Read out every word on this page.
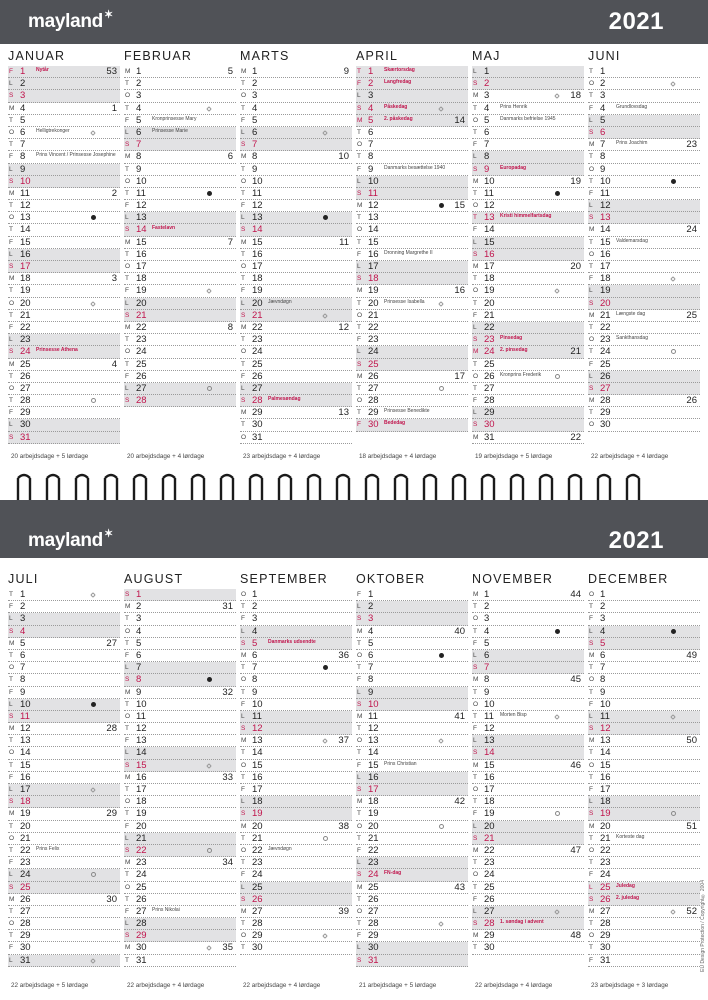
mayland✶	2021
JANUAR
F 1	Nytår	53
L 2
S 3
M 4	1
T 5
O 6	Helligtrekonger
T 7
F 8	Prins Vincent / Prinsesse Josephine
L 9
S 10
M 11	2
T 12
O 13
T 14
F 15
L 16
S 17
M 18	3
T 19
O 20
T 21
F 22
L 23
S 24	Prinsesse Athena
M 25	4
T 26
O 27
T 28
F 29
L 30
S 31
20 arbejdsdage + 5 lørdage
FEBRUAR
M 1	5
T 2
O 3
T 4
F 5	Kronprinsesse Mary
L 6	Prinsesse Marie
S 7
M 8	6
T 9
O 10
T 11
F 12
L 13
S 14	Fastelavn
M 15	7
T 16
O 17
T 18
F 19
L 20
S 21
M 22	8
T 23
O 24
T 25
F 26
L 27
S 28
20 arbejdsdage + 4 lørdage
MARTS
M 1	9
T 2
O 3
T 4
F 5
L 6
S 7
M 8	10
T 9
O 10
T 11
F 12
L 13
S 14
M 15	11
T 16
O 17
T 18
F 19
L 20	Jævndøgn
S 21
M 22	12
T 23
O 24
T 25
F 26
L 27
S 28	Palmesøndag
M 29	13
T 30
O 31
23 arbejdsdage + 4 lørdage
APRIL
T 1	Skærtorsdag
F 2	Langfredag
L 3
S 4	Påskedag
M 5	2. påskedag	14
T 6
O 7
T 8
F 9	Danmarks besættelse 1940
L 10
S 11
M 12	15
T 13
O 14
T 15
F 16	Dronning Margrethe II
L 17
S 18
M 19	16
T 20	Prinsesse Isabella
O 21
T 22
F 23
L 24
S 25
M 26	17
T 27
O 28
T 29	Prinsesse Benedikte
F 30	Bededag
18 arbejdsdage + 4 lørdage
MAJ
L 1
S 2
M 3	18
T 4	Prins Henrik
O 5	Danmarks befrielse 1945
T 6
F 7
L 8
S 9	Europadag
M 10	19
T 11
O 12
T 13	Kristi himmelfartsdag
F 14
L 15
S 16
M 17	20
T 18
O 19
T 20
F 21
L 22
S 23	Pinsedag
M 24	2. pinsedag	21
T 25
O 26	Kronprins Frederik
T 27
F 28
L 29
S 30
M 31	22
19 arbejdsdage + 5 lørdage
JUNI
T 1
O 2
T 3
F 4	Grundlovsdag
L 5
S 6
M 7	Prins Joachim	23
T 8
O 9
T 10
F 11
L 12
S 13
M 14	24
T 15	Valdemarsdag
O 16
T 17
F 18
L 19
S 20
M 21	Længste dag	25
T 22
O 23	Sankthansdag
T 24
F 25
L 26
S 27
M 28	26
T 29
O 30
22 arbejdsdage + 4 lørdage
mayland✶	2021
JULI
T 1
F 2
L 3
S 4
M 5	27
T 6
O 7
T 8
F 9
L 10
S 11
M 12	28
T 13
O 14
T 15
F 16
L 17
S 18
M 19	29
T 20
O 21
T 22	Prins Felix
F 23
L 24
S 25
M 26	30
T 27
O 28
T 29
F 30
L 31
22 arbejdsdage + 5 lørdage
AUGUST
S 1
M 2	31
T 3
O 4
T 5
F 6
L 7
S 8
M 9	32
T 10
O 11
T 12
F 13
L 14
S 15
M 16	33
T 17
O 18
T 19
F 20
L 21
S 22
M 23	34
T 24
O 25
T 26
F 27	Prins Nikolai
L 28
S 29
M 30	35
T 31
22 arbejdsdage + 4 lørdage
SEPTEMBER
O 1
T 2
F 3
L 4
S 5	Danmarks udsendte
M 6	36
T 7
O 8
T 9
F 10
L 11
S 12
M 13	37
T 14
O 15
T 16
F 17
L 18
S 19
M 20	38
T 21
O 22	Jævndøgn
T 23
F 24
L 25
S 26
M 27	39
T 28
O 29
T 30
22 arbejdsdage + 4 lørdage
OKTOBER
F 1
L 2
S 3
M 4	40
T 5
O 6
T 7
F 8
L 9
S 10
M 11	41
T 12
O 13
T 14
F 15	Prins Christian
L 16
S 17
M 18	42
T 19
O 20
T 21
F 22
L 23
S 24	FN-dag
M 25	43
T 26
O 27
T 28
F 29
L 30
S 31
21 arbejdsdage + 5 lørdage
NOVEMBER
M 1	44
T 2
O 3
T 4
F 5
L 6
S 7
M 8	45
T 9
O 10
T 11	Morten Bisp
F 12
L 13
S 14
M 15	46
T 16
O 17
T 18
F 19
L 20
S 21
M 22	47
T 23
O 24
T 25
F 26
L 27
S 28	1. søndag i advent
M 29	48
T 30
22 arbejdsdage + 4 lørdage
DECEMBER
O 1
T 2
F 3
L 4
S 5
M 6	49
T 7
O 8
T 9
F 10
L 11
S 12
M 13	50
T 14
O 15
T 16
F 17
L 18
S 19
M 20	51
T 21	Korteste dag
O 22
T 23
F 24
L 25	Juledag
S 26	2. juledag
M 27	52
T 28
O 29
T 30
F 31
23 arbejdsdage + 3 lørdage
EU Design Protection / Copyright® 2004
